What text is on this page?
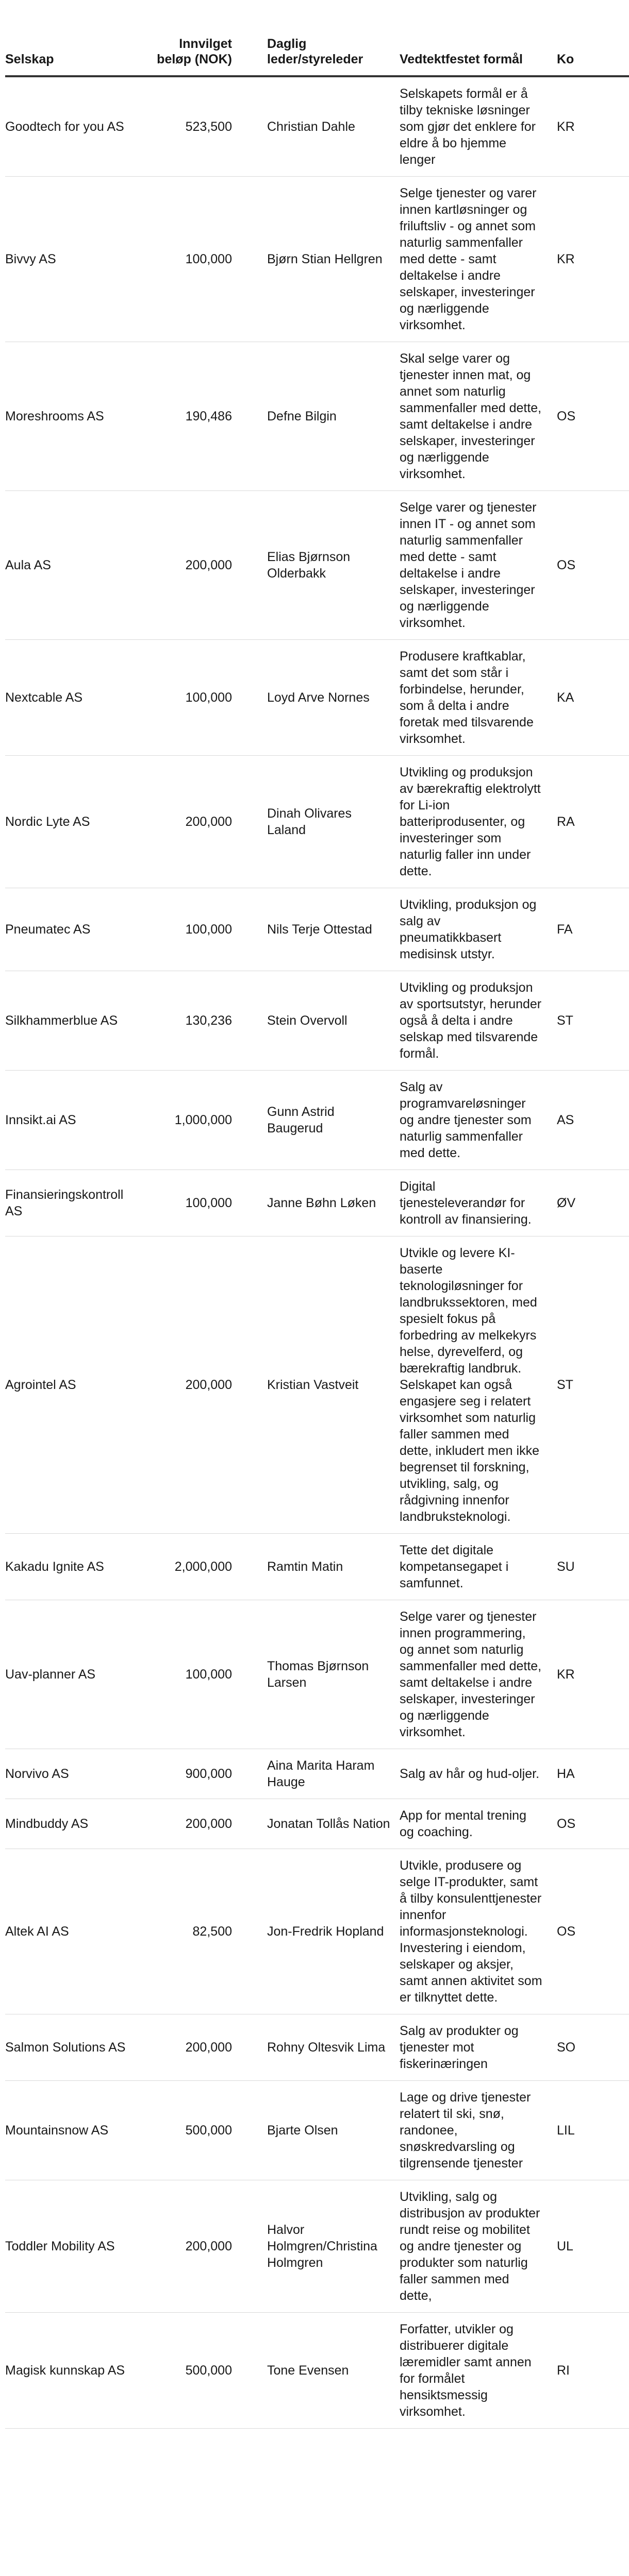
Selskap	Innvilget beløp (NOK)	Daglig leder/styreleder	Vedtektfestet formål	Ko
Goodtech for you AS	523,500	Christian Dahle	Selskapets formål er å tilby tekniske løsninger som gjør det enklere for eldre å bo hjemme lenger	KR
Bivvy AS	100,000	Bjørn Stian Hellgren	Selge tjenester og varer innen kartløsninger og friluftsliv - og annet som naturlig sammenfaller med dette - samt deltakelse i andre selskaper, investeringer og nærliggende virksomhet.	KR
Moreshrooms AS	190,486	Defne Bilgin	Skal selge varer og tjenester innen mat, og annet som naturlig sammenfaller med dette, samt deltakelse i andre selskaper, investeringer og nærliggende virksomhet.	OS
Aula AS	200,000	Elias Bjørnson Olderbakk	Selge varer og tjenester innen IT - og annet som naturlig sammenfaller med dette - samt deltakelse i andre selskaper, investeringer og nærliggende virksomhet.	OS
Nextcable AS	100,000	Loyd Arve Nornes	Produsere kraftkablar, samt det som står i forbindelse, herunder, som å delta i andre foretak med tilsvarende virksomhet.	KA
Nordic Lyte AS	200,000	Dinah Olivares Laland	Utvikling og produksjon av bærekraftig elektrolytt for Li-ion batteriprodusenter, og investeringer som naturlig faller inn under dette.	RA
Pneumatec AS	100,000	Nils Terje Ottestad	Utvikling, produksjon og salg av pneumatikkbasert medisinsk utstyr.	FA
Silkhammerblue AS	130,236	Stein Overvoll	Utvikling og produksjon av sportsutstyr, herunder også å delta i andre selskap med tilsvarende formål.	ST
Innsikt.ai AS	1,000,000	Gunn Astrid Baugerud	Salg av programvareløsninger og andre tjenester som naturlig sammenfaller med dette.	AS
Finansieringskontroll AS	100,000	Janne Bøhn Løken	Digital tjenesteleverandør for kontroll av finansiering.	ØV
Agrointel AS	200,000	Kristian Vastveit	Utvikle og levere KI-baserte teknologiløsninger for landbrukssektoren, med spesielt fokus på forbedring av melkekyrs helse, dyrevelferd, og bærekraftig landbruk. Selskapet kan også engasjere seg i relatert virksomhet som naturlig faller sammen med dette, inkludert men ikke begrenset til forskning, utvikling, salg, og rådgivning innenfor landbruksteknologi.	ST
Kakadu Ignite AS	2,000,000	Ramtin Matin	Tette det digitale kompetansegapet i samfunnet.	SU
Uav-planner AS	100,000	Thomas Bjørnson Larsen	Selge varer og tjenester innen programmering, og annet som naturlig sammenfaller med dette, samt deltakelse i andre selskaper, investeringer og nærliggende virksomhet.	KR
Norvivo AS	900,000	Aina Marita Haram Hauge	Salg av hår og hud-oljer.	HA
Mindbuddy AS	200,000	Jonatan Tollås Nation	App for mental trening og coaching.	OS
Altek AI AS	82,500	Jon-Fredrik Hopland	Utvikle, produsere og selge IT-produkter, samt å tilby konsulenttjenester innenfor informasjonsteknologi. Investering i eiendom, selskaper og aksjer, samt annen aktivitet som er tilknyttet dette.	OS
Salmon Solutions AS	200,000	Rohny Oltesvik Lima	Salg av produkter og tjenester mot fiskerinæringen	SO
Mountainsnow AS	500,000	Bjarte Olsen	Lage og drive tjenester relatert til ski, snø, randonee, snøskredvarsling og tilgrensende tjenester	LIL
Toddler Mobility AS	200,000	Halvor Holmgren/Christina Holmgren	Utvikling, salg og distribusjon av produkter rundt reise og mobilitet og andre tjenester og produkter som naturlig faller sammen med dette,	UL
Magisk kunnskap AS	500,000	Tone Evensen	Forfatter, utvikler og distribuerer digitale læremidler samt annen for formålet hensiktsmessig virksomhet.	RI
